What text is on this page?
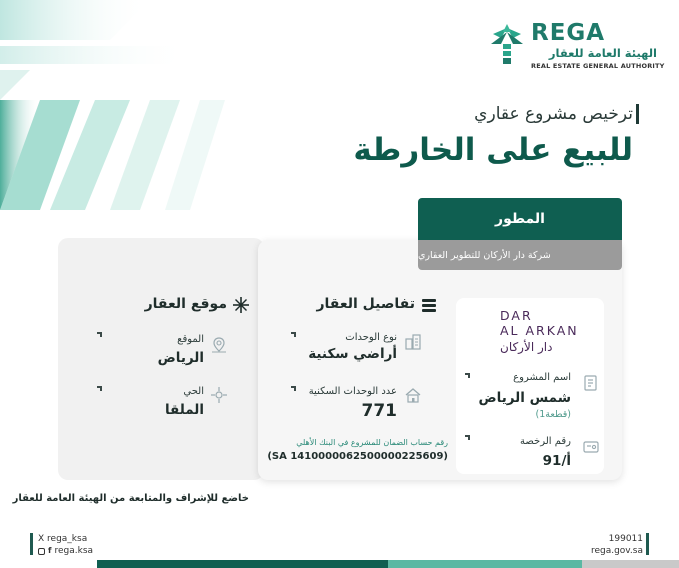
REGA
الهيئة العامة للعقار
REAL ESTATE GENERAL AUTHORITY
ترخيص مشروع عقاري
للبيع على الخارطة
المطور
شركة دار الأركان للتطوير العقاري
DAR
AL ARKAN
دار الأركان
اسم المشروع
شمس الرياض
(قطعة1)
رقم الرخصة
أ/91
تفاصيل العقار
نوع الوحدات
أراضي سكنية
عدد الوحدات السكنية
771
رقم حساب الضمان للمشروع في البنك الأهلي
(SA 1410000062500000225609)
موقع العقار
الموقع
الرياض
الحي
الملقا
خاضع للإشراف والمتابعة من الهيئة العامة للعقار
X rega_ksa
f rega.ksa
199011
rega.gov.sa
